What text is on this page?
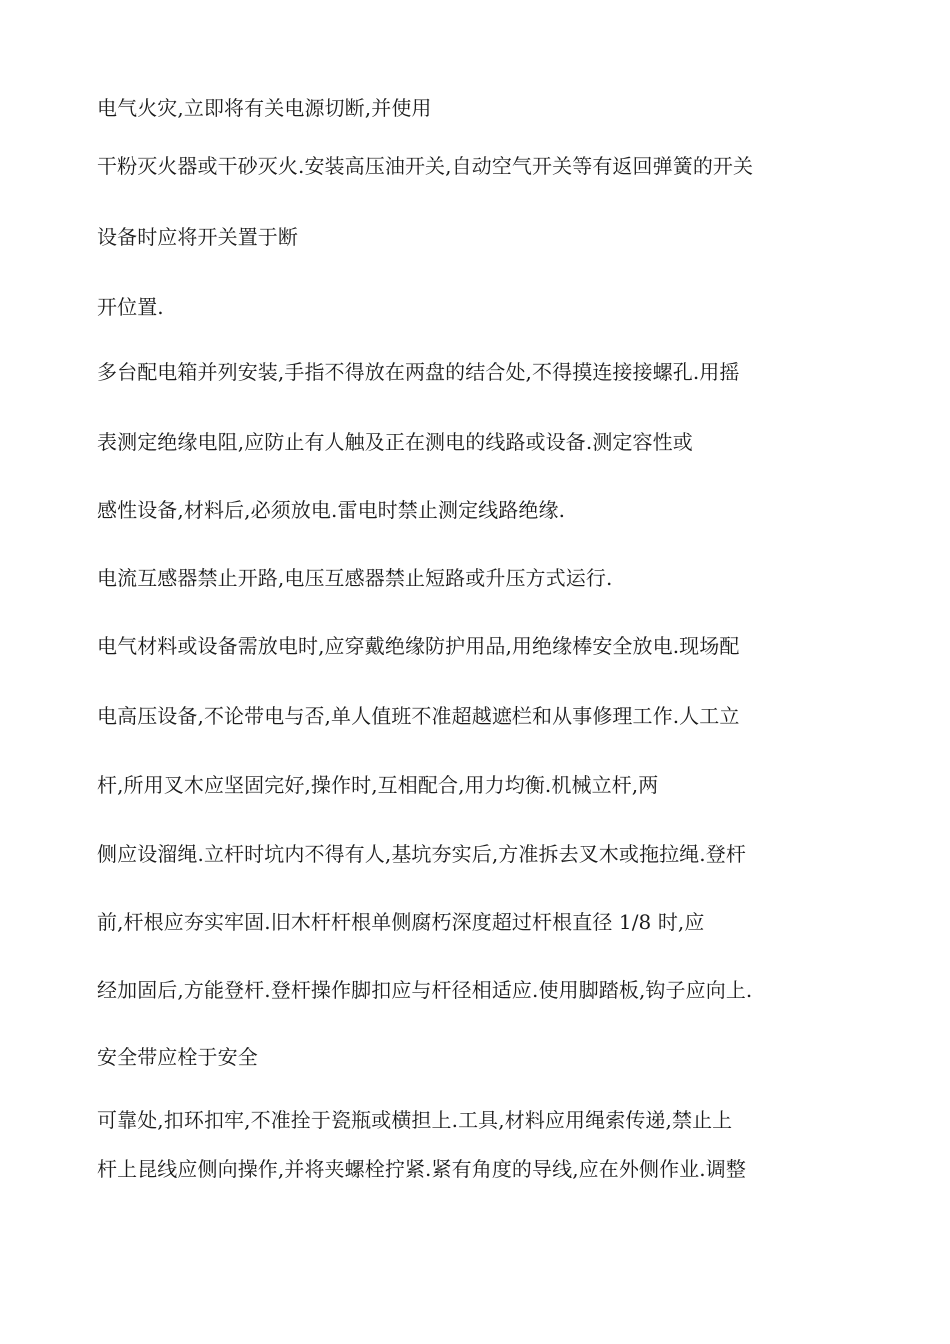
电气火灾,立即将有关电源切断,并使用

干粉灭火器或干砂灭火.安装高压油开关,自动空气开关等有返回弹簧的开关

设备时应将开关置于断

开位置.

多台配电箱并列安装,手指不得放在两盘的结合处,不得摸连接接螺孔.用摇

表测定绝缘电阻,应防止有人触及正在测电的线路或设备.测定容性或

感性设备,材料后,必须放电.雷电时禁止测定线路绝缘.

电流互感器禁止开路,电压互感器禁止短路或升压方式运行.

电气材料或设备需放电时,应穿戴绝缘防护用品,用绝缘棒安全放电.现场配

电高压设备,不论带电与否,单人值班不准超越遮栏和从事修理工作.人工立

杆,所用叉木应坚固完好,操作时,互相配合,用力均衡.机械立杆,两

侧应设溜绳.立杆时坑内不得有人,基坑夯实后,方准拆去叉木或拖拉绳.登杆

前,杆根应夯实牢固.旧木杆杆根单侧腐朽深度超过杆根直径 1/8 时,应

经加固后,方能登杆.登杆操作脚扣应与杆径相适应.使用脚踏板,钩子应向上.

安全带应栓于安全

可靠处,扣环扣牢,不准拴于瓷瓶或横担上.工具,材料应用绳索传递,禁止上

杆上昆线应侧向操作,并将夹螺栓拧紧.紧有角度的导线,应在外侧作业.调整
